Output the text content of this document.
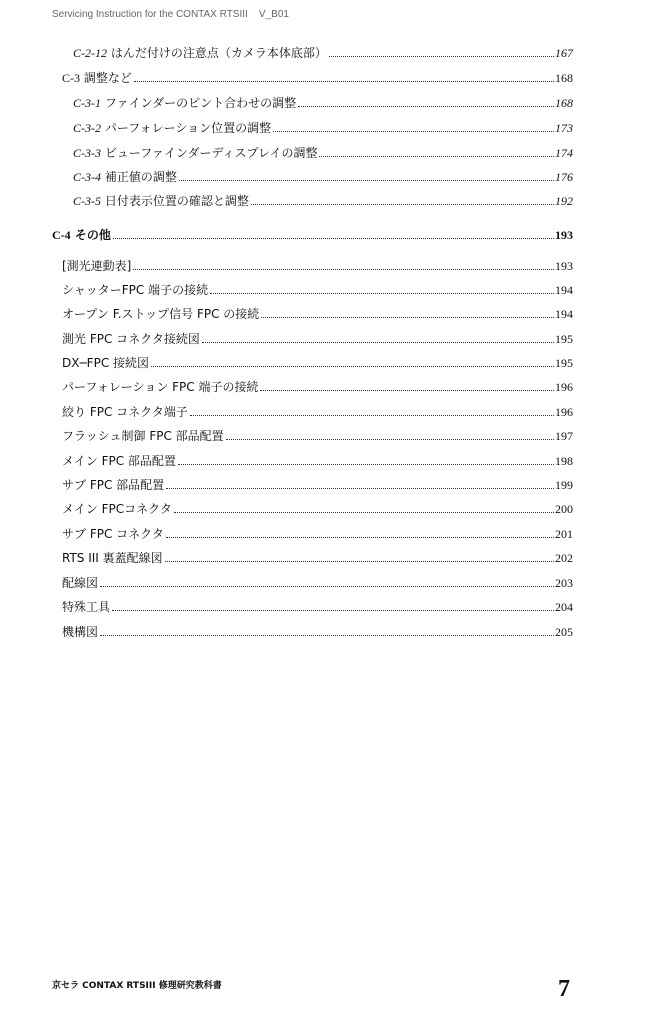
Servicing Instruction for the CONTAX RTSIII    V_B01
C-2-12 はんだ付けの注意点（カメラ本体底部）	167
C-3 調整など	168
C-3-1 ファインダーのピント合わせの調整	168
C-3-2 パーフォレーション位置の調整	173
C-3-3 ビューファインダーディスプレイの調整	174
C-3-4 補正値の調整	176
C-3-5 日付表示位置の確認と調整	192
C-4 その他	193
[測光連動表]	193
シャッターFPC 端子の接続	194
オープン F.ストップ信号 FPC の接続	194
測光 FPC コネクタ接続図	195
DX─FPC 接続図	195
パーフォレーション FPC 端子の接続	196
絞り FPC コネクタ端子	196
フラッシュ制御 FPC 部品配置	197
メイン FPC 部品配置	198
サブ FPC 部品配置	199
メイン FPCコネクタ	200
サブ FPC コネクタ	201
RTS III 裏蓋配線図	202
配線図	203
特殊工具	204
機構図	205
京セラ CONTAX RTSIII 修理研究教科書	7
